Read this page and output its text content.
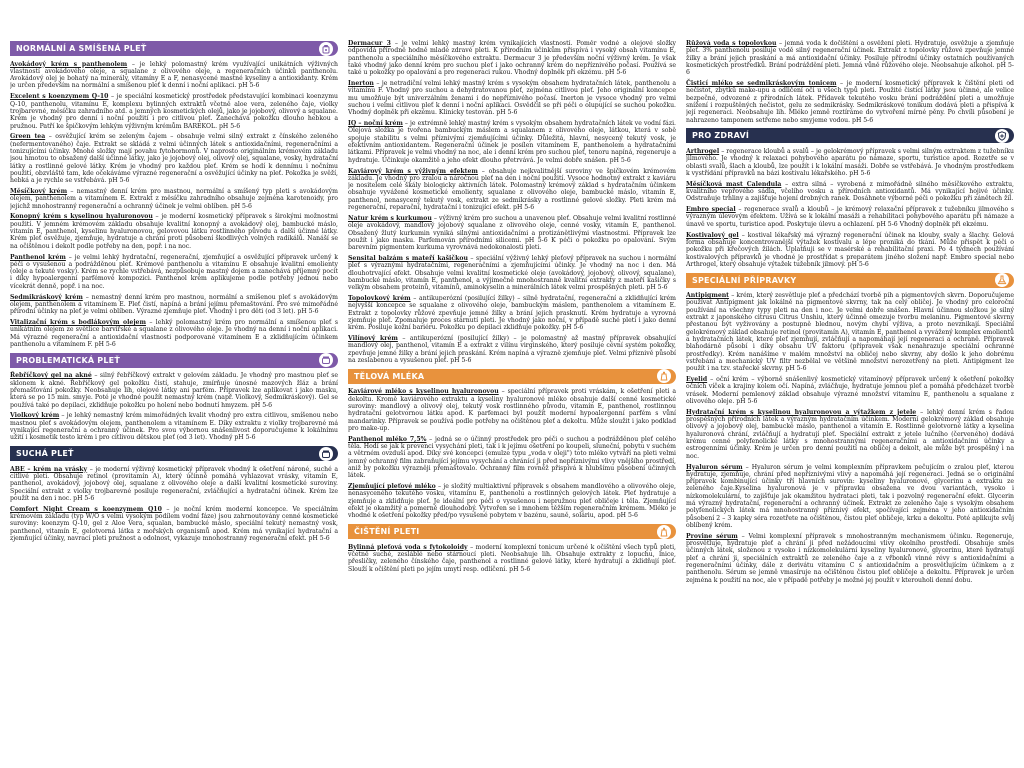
NORMÁLNÍ A SMÍŠENÁ PLEŤ

Avokádový krém s panthenolem – je lehký polomastný krém využívající unikátních výživných vlastností avokádového oleje, a squalane z olivového oleje, a regeneračních účinků panthenolu. Avokádový olej je bohatý na minerály, vitamíny E a F, nenasycené mastné kyseliny a antioxidanty. Krém je určen především na normální a smíšenou pleť k denní i noční aplikaci. pH 5-6

Excelent s koenzymem Q-10 – je speciální kosmetický prostředek představující kombinaci koenzymu Q-10, panthenolu, vitamínu E, komplexu bylinných extraktů včetně aloe vera, zeleného čaje, violky trojbarevné, měsíčku zahradního atd. a jemných kosmetických olejů, jako je jojobový, olivový a squalane. Krém je vhodný pro denní i noční použití i pro citlivou pleť. Zanechává pokožku dlouho hebkou a pružnou. Patří ke špičkovým lehkým výživným krémům BAREKOL. pH 5-6

Green tea – osvěžující krém se zeleným čajem – obsahuje velmi silný extrakt z čínského zeleného (nefermentovaného) čaje. Extrakt se skládá z velmi účinných látek s antioxidačními, regeneračními a tonizujícími účinky. Mnohé složky mají povahu fytohormonů. V naprosto originálním krémovém základu jsou hmotou to obsažený další účinné látky, jako je jojobový olej, olivový olej, squalane, vosky, hydratační látky a rostlinné gelové látky. Krém je vhodný pro každou pleť. Krém se hodí k dennímu i nočnímu použití, obzvláště tam, kde očekáváme výrazné regenerační a osvěžující účinky na pleť. Pokožka je svěží, hebká a je rychle se vstřebává. pH 5-6

Měsíčkový krém – nemastný denní krém pro mastnou, normální a smíšený typ pleti s avokádovým olejem, panthenolem a vitamínem E. Extrakt z měsíčku zahradního obsahuje zejména karotenoidy, pro jejichž mnohostranný regenerační a ochranný účinek je velmi oblíben. pH 5-6

Konopný krém s kyselinou hyaluronovou – je moderní kosmetický přípravek s širokými možnostmi použití. V jemném krémovém základu obsahuje kvalitní konopný a avokádový olej, bambucké máslo, vitamín E, panthenol, kyselinu hyaluronovou, gelovovou látku rostlinného původu a další účinné látky. Krém pleť osvěžuje, zjemňuje, hydratuje a chrání proti působení škodlivých volných radikálů. Nanáší se na očištěnou i dekolt podle potřeby na den, popř. i na noc.

Panthenol krém – je velmi lehký hydratační, regenerační, zjemňující a osvěžující přípravek určený k péči o vysušenou a podrážděnou pleť. Krémové panthenolu a vitamínu E obsahuje kvalitní emolienty (oleje a tekuté vosky). Krém se rychle vstřebává, nezpůsobuje mastný dojem a zanechává příjemný pocit i díky hypoalergenní parfémové kompozici. Panthenol krém aplikujeme podle potřeby jednou nebo vícekrát denně, popř. i na noc.

Sedmikráskový krém – nemastný denní krém pro mastnou, normální a smíšenou pleť s avokádovým olejem, panthenolem a vitamínem E. Pleť čistí, napíná a brání jejímu přemaštování. Pro své mimořádné přírodní účinky na pleť je velmi oblíben. Výrazné zjemňuje pleť. Vhodný i pro děti (od 3 let). pH 5-6

Vitalizační krém s bodlákovým olejem – lehký polomastný krém pro normální a smíšenou pleť s unikátním olejem ze světlice barvířské a squalane z olivového oleje. Je vhodný na denní i noční aplikaci. Má výrazné regenerační a antioxidační vlastnosti podporované vitamínem E a zklidňujícím účinkem panthenolu a vitamínem F. pH 5-6

PROBLEMATICKÁ PLEŤ

Řebříčkový gel na akné – silný řebříčkový extrakt v gelovém základu. Je vhodný pro mastnou pleť se sklonem k akné. Řebříčkový gel pokožku čistí, stahuje, zmírňuje únosné mazových žláz a brání přemašťování pokožky. Neobsahuje lih, olejové látky ani parfém. Přípravek lze aplikovat i jako masku, která se po 15 min. smyje. Poté je vhodné použít nemastný krém (např. Violkový, Sedmikráskový). Gel se používá také po depilaci, zklidňuje pokožku po holení nebo bodnutí hmyzem. pH 5-6

Violkový krém – je lehký nemastný krém mimořádných kvalit vhodný pro extra citlivou, smíšenou nebo mastnou pleť s avokádovým olejem, panthenolem a vitamínem E. Díky extraktu z violky trojbarevné má vynikající regenerační a ochranný účinek. Pro svou výbornou snášenlivost doporučujeme k lokálnímu užití i kosmetik testo krém i pro citlivou dětskou pleť (od 3 let). Vhodný pH 5-6

SUCHÁ PLEŤ

ABE – krém na vrásky – je moderní výživný kosmetický přípravek vhodný k ošetření nároné, suché a citlivé pleti. Obsahuje retinol (provitamín A), který účinně pomáhá vyhlazovat vrásky, vitamín E, panthenol, avokádový, jojobový olej, squalane z olivového oleje a další kvalitní kosmetické suroviny. Speciální extrakt z violky trojbarevné posiluje regenerační, zvláčňující a hydratační účinek. Krém lze použít na den i noc. pH 5-6

Comfort Night Cream s koenzymem Q10 – je noční krém moderní koncepce. Ve speciálním krémovém základu (typ W/O s velmi vysokým podílem vodní fáze) jsou zahrnoutovány cenné kosmetické suroviny: koenzym Q-10, gel z Aloe Vera, squalan, bambucké máslo, speciální tekutý nemastný vosk, panthenol, vitamín E, gelotvorná látka z mořských organismů apod. Krém má vynikající hydratační a zjemňující účinky, navrací pleti pružnost a odolnost, vykazuje mnohostranný regenerační efekt. pH 5-6

Dermacur 3 – je velmi lehký mastný krém vynikajících vlastností. Poměr vodné a olejové složky odpovídá přírodně hodně mladé zdravé pleti. K přírodním účinkům přispívá i vysoký obsah vitamínu E, panthenolu a speciálního měsíčkového extraktu. Dermacur 3 je především noční výživný krém. Je však také vhodný jako denní krém pro suchou pleť i jako ochranný krém do nepříznivého počasí. Používá se také u pokožky po opalování a pro regeneraci rukou. Vhodný doplněk při ekzému. pH 5-6

Inerton – je netradiční velmi lehký mastný krém s vysokým obsahem hydratačních látek, panthenolu a vitamínu F. Vhodný pro suchou a dehydratovanou pleť, zejména citlivou pleť. Jeho originální koncepce mu umožňuje být univerzálním ženami i do nepříznivého počasí. Inerton je vysoce vhodný pro velmi suchou i velmi citlivou pleť k denní i noční aplikaci. Osvědčil se při péči o olupující se suchou pokožku. Vhodný doplněk při ekzému. Klinicky testován. pH 5-6

IQ – noční krém – je extrémně lehký mastný krém s vysokým obsahem hydratačních látek ve vodní fázi. Olejová složka je tvořena bambuckým máslem a squalanem z olivového oleje, látkou, která v sobě spojuje stabilitu s velmi příznivými zjemňujícími účinky. Důležitá, hlavní, nesycený tekutý vosk, je efektivním antioxidantem. Regenerační účinek je posílen vitamínem E, panthenolem a hydratačními látkami. Přípravek je velmi vhodný na noc, ale i denní krém pro suchou pleť, tenoru napíná, regeneruje a hydratuje. Účinkuje okamžitě a jeho efekt dlouho přetrvává. Je velmi dobře snášen. pH 5-6

Kaviárový krém s výživným efektem – obsahuje nejkvalitnější suroviny ve špičkovém krémovém základu. Je vhodný pro zralou a náročnou pleť na den i noční použití. Vysoce hodnotný extrakt z kaviáru je nositelem celé škály biologicky aktivních látek. Polomastný krémový základ s hydratačním účinkem obsahuje vyvážené kosmetické emolienty, squalane z olivového oleje, bambucké máslo, vitamín E, panthenol, nenasycený tekutý vosk, extrakt ze sedmikrásky a rostlinné gelové složky. Pleti krém má regenerační, reparační, hydratační i tonizující efekt. pH 5-6

Natur krém s kurkumou – výživný krém pro suchou a unavenou pleť. Obsahuje velmi kvalitní rostlinné oleje avokádový, mandlový jojobový squalane z olivového oleje, cenné vosky, vitamín E, panthenol. Obsažený žlutý kurkumin vyniká silnými antioxidačními a protizánětlivými vlastnostmi. Přípravek lze použít i jako masku. Parfemován přírodními silicemi. pH 5-6 K péči o pokožku po opalování. Svým barevním pigmentem kurkuma vyrovnává nedokonalosti pleti.

Sensital balzám s mateří kašičkou – speciální výživný lehký pleťový přípravek na suchou i normální pleť s výraznými hydratačními, regeneračními a zjemňujícími účinky. Je vhodný na noc i den. Má dlouhotrvající efekt. Obsahuje velmi kvalitní kosmetické oleje (avokádový, jojobový, olivový, squalane), bambucké máslo, vitamín E, panthenol, a výjimečně mnohostranně kvalitní extrakty z mateří kašičky s velkým obsahem proteinů, vitamínů, aminokyselin a minerálních látek velmi prospěšných pleti. pH 5-6

Topolovkový krém – antikuperózní (posilující žilky) – silně hydratační, regenerační a zklidňující krém nejvyšší koncepce se squalane z olivového oleje, bambuckým máslem, panthenolem a vitamínem E. Extrakt z topolovky růžové zpevňuje jemné žilky a brání jejich prasknutí. Krém hydratuje a vyrovná zjemňuje pleť. Zpomaluje proces stárnutí pleti. Je vhodný jako noční, v případě suché pleti i jako denní krém. Posiluje kožní bariéru. Pokožku po depilaci zklidňuje pokožky. pH 5-6

Vilínový krém – antikuperózní (posilující žilky) – je polomastný až mastný přípravek obsahující mandlový olej, panthenol, vitamín E a extrakt z vilínu virginského, který posiluje cévní systém pokožky, zpevňuje jemné žilky a brání jejich praskání. Krém napíná a výrazně zjemňuje pleť. Velmi příznivě působí na zeslabenou a vysušenou pleť. pH 5-6

TĚLOVÁ MLÉKA

Kaviárové mléko s kyselinou hyaluronovou – speciální přípravek proti vráskám, k ošetření pleti a dekoltu. Kromě kaviárového extraktu a kyseliny hyaluronové mléko obsahuje další cenné kosmetické suroviny: mandlový a olivový olej, tekutý vosk rostlinného původu, vitamín E, panthenol, rostlinnou hydratační gelotvornou látku apod. K parfemaci byl použit moderní hypoalergenní parfém s vůní mandarinky. Přípravek se používá podle potřeby na očištěnou pleť a dekoltu. Může sloužit i jako podklad pro make-up.

Panthenol mléko 7,5% – jedná se o účinný prostředek pro péči o suchou a podrážděnou pleť celého těla. Hodí se jak k prevenci vysychání pleti, tak i k jejímu ošetření po koupeli, sluneční, pobytu v suchém a větrném ovzduší apod. Díky své koncepci (emulze typu „voda v oleji") toto mléko vytváří na pleti velmi jemný ochranný film zabraňující jejímu vysychání a chránící ji před nepříznivými vlivy vnějšího prostředí, aniž by pokožku výrazněji přemaštovalo. Ochranný film rovněž přispívá k hlubšímu působení účinných látek.

Zjemňující pleťové mléko – je složitý multiaktivní přípravek s obsahem mandlového a olivového oleje, nenasyceného tekutého vosku, vitamínu E, panthenolu a rostlinných gelových látek. Pleť hydratuje a zjemňuje a zklidňuje pleť. Je ideální pro péči o vysušenou i nepružnou pleť obličeje i těla. Zjemňující efekt je okamžitý a pomerně dlouhodobý. Vytvořen se i mnohem těžším regeneračním krémem. Mléko je vhodné k ošetření pokožky před/po vysušené pobytem v bazénu, sauně, soláriu, apod. pH 5-6

ČIŠTĚNÍ PLETI

Bylinná pleťová voda s fytokoloidy – moderní komplexní tonicum určené k očištění všech typů pleti, včetně suché, zesláblé nebo stárnoucí pleti. Neobsahuje lih. Obsahuje extrakty z lopuchu, lnice, přesličky, zeleného čínského čaje, panthenol a rostlinné gelové látky, které hydratují a zklidňují pleť. Slouží k očištění pleti po jejím umytí resp. odlíčení. pH 5-6

Růžová voda s topolovkou – jemná voda k dočištění a osvěžení pleti. Hydratuje, osvěžuje a zjemňuje pleť. 3% panthenolu posiluje vodě silný regenerační účinek. Extrakt z topolovky růžové zpevňuje jemné žilky a brání jejich praskání a má antioxidační účinky. Posiluje přírodní účinky ostatních používaných kosmetických prostředků. Brání podráždění pleti. Jemná vůně růžového oleje. Neobsahuje alkohol. pH 5-6

Čisticí mléko se sedmikráskovým tonicem – je moderní kosmetický přípravek k čištění pleti od nečistot, zbytků make-upu a odličení oči u všech typů pleti. Použité čisticí látky jsou účinné, ale velice bezpečné, odvozené z přírodních látek. Přídavek tekutého vosku brání podráždění pleti a umožňuje snížení i rozpuštěných nečistot, gelu ze sedmikrásky. Sedmikráskové tonikum dodává pleti a přispívá k její regeneraci. Neobsahuje lih. Mléko jemně roztíráme do vytvoření mírné pěny. Po chvíli působení je nahrazeno tamponem setřeme nebo smyjeme vodou. pH 5-6

PRO ZDRAVÍ

Arthrogel – regenerace kloubů a svalů – je gelokrémový přípravek s velmi silným extraktem z tužebníku jilmového. Je vhodný k relaxaci pohybového aparátu po námaze, sportu, turistice apod. Rozetře se v oblasti svalů, šlach a kloubů, lze použít i k lokální masáži. Dobře se vstřebává. Je vhodným prostředkem k vystřídání přípravků na bázi kostivalu lékařského. pH 5-6

Měsíčková mast Calendula – extra silná – vyrobená z mimořádně silného měsíčkového extraktu, kvalitního vepřového sádla, včelího vosku a přírodních antioxidantů. Má vynikající hojivé účinky. Odstraňuje trhliny a zajišťuje hojení drobných ranek. Dosáhnete výborné péči o pokožku při zánětech žil.

Embro special – regenerace svalů a kloubů – je krémový relaxační přípravek z tužebníku jilmového s výrazným úlevovým efektem. Užívá se k lokální masáži a rehabilitaci pohybového aparátu při námaze a únavě ve sportu, turistice apod. Poskytuje úlevu a ochlazení. pH 5-6 Vhodný doplněk při ekzému.

Kostivalový gel – kostival lékařský má výrazný regenerační účinek na klouby, svaly a šlachy. Gelová forma obsahuje koncentrovanější výtažek kostivalu a lépe proniká do tkání. Může přispět k péči o pokožku při křečových žilách. Uplatňuji se v masérské a rehabilitační praxi. Po 4 týdnech používání kostivalových přípravků je vhodné je prostřídat s preparátem jiného složení např. Embro special nebo Arthrogel, který obsahuje výtažek tužebník jilmový. pH 5-6

SPECIÁLNÍ PŘÍPRAVKY

Antipigment – krém, který zesvětluje pleť a předchází tvorbě pih a pigmentových skvrn. Doporučujeme používat Antipigment jak lokálně na pigmentové skvrny, tak na celý obličej. Je vhodný pro celoroční používání na všechny typy pleti na den i noc. Je velmi dobře snášen. Hlavní účinnou složkou je silný extrakt z japonského citrusu Citrus Unshiu, který účinně omezuje tvorbu melaninu. Pigmentové skvrny přestanou být vyživovány a postupně blednou, novým chybí výživa, a proto nevznikají. Speciální gelokrémový základ obsahuje retinol (provitamín A), vitamín E, panthenol a vyvážený komplex emolientů a hydratačních látek, které pleť zjemňují, zvláčňují a napomáhají její regeneraci a ochraně. Přípravek blahodárně působí i díky obsahu UV faktoru (přípravek však nenahrazuje speciální ochranné prostředky). Krém nanášíme v malém množství na obličej nebo skvrny, aby došlo k jeho dobrému vstřebání a mechanický UV filtr nezbělal ve většině množství nerozetřený na pleti. Antipigment lze použít i na tzv. stařecké skvrny. pH 5-6

Eyelid – oční krém – výborně snášenlivý kosmetický vitamínový přípravek určený k ošetření pokožky očních víček a krajiny kolem očí. Napíná, zvláčňuje, hydratuje jemnou pleť a pomáhá předcházet tvorbě vrásek. Moderní pemlenový základ obsahuje výrazné množství vitamínu E, panthenolu a squalane z olivového oleje. pH 5-6

Hydratační krém s kyselinou hyaluronovou a výtažkem z jetele – lehký denní krém s řadou prospěšných přírodních látek a výrazným hydratačním účinkem. Moderní gelokrémový základ obsahuje olivový a jojobový olej, bambucké máslo, panthenol a vitamín E. Rostlinné gelotvorné látky a kyselina hyaluronová chrání, zvláčňují a hydratují pleť. Speciální extrakt z jetele lučního (červeného) dodává krému cenné polyfenolické látky s mnohostrannými regeneračními a antioxidačními účinky a estrogenními účinky. Krém je určen pro denní použití na obličej a dekolt, ale může být prospěšný i na noc.

Hyaluron sérum – Hyaluron sérum je velmi komplexním přípravkem pečujícím o zralou pleť, kterou hydratuje, zjemňuje, chrání před nepříznivými vlivy a napomáhá její regeneraci. Jedná se o originální přípravek kombinující účinky tří hlavních surovin: kyseliny hyaluronové, glycerinu a extraktu ze zeleného čaje.Kyselina hyaluronová je v přípravku obsažena ve dvou variantách, vysoko i nízkomolekulární, to zajišťuje jak okamžitou hydrataci pleti, tak i pozvolný regenerační efekt. Glycerin má výrazný hydratační, regenerační a ochranný účinek. Extrakt ze zeleného čaje s vysokým obsahem polyfenolických látek má mnohostranný příznivý efekt, spočívající zejména v jeho antioxidačním působení 2 – 3 kapky séra rozetřete na očištěnou, čistou pleť obličeje, krku a dekoltu. Poté aplikujte svůj oblíbený krém.

Provine sérum – Velmi komplexní přípravek s mnohostranným mechanismem účinku. Regeneruje, prosvětluje, hydratuje pleť a chrání ji před nežádoucími vlivy okolního prostředí. Obsahuje směs účinných látek, složenou z vysoko i nízkomolekulární kyseliny hyaluronové, glycerinu, které hydratují pleť a chrání ji, speciálních extraktů ze zeleného čaje a z vřbonků vinné révy s antioxidačními a regeneračními účinky, dále z derivátu vitamínu C s antioxidačním a prosvětlujícím účinkem a z panthenolu. Sérum se jemně vmasíruje na očištěnou čistou pleť obličeje a dekoltu. Přípravek je určen zejména k použití na noc, ale v případě potřeby je možné jej použít v kterouholi denní dobu.
